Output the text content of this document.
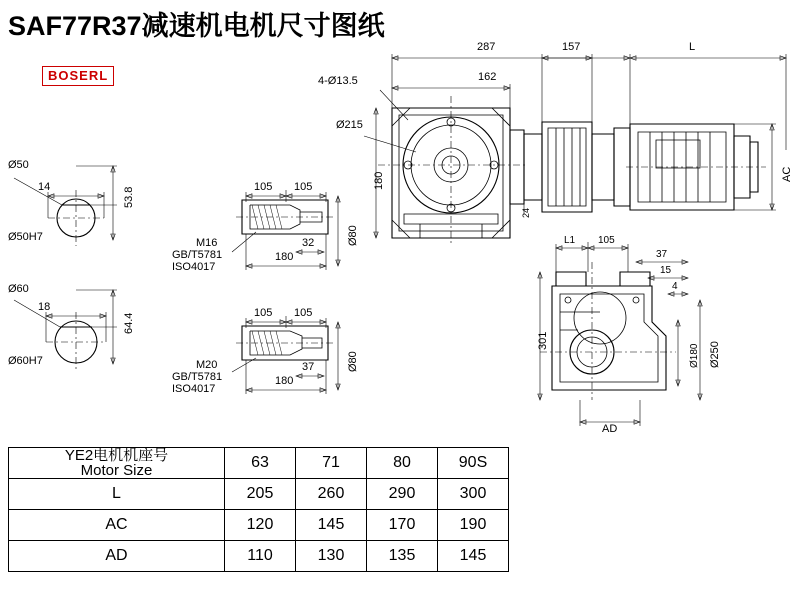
SAF77R37减速机电机尺寸图纸
BOSERL
Ø50
14	53.8
Ø50H7
Ø60
18
64.4
Ø60H7
105 105
32
180
Ø80
M16
GB/T5781
ISO4017
105 105
37
180
Ø80
M20
GB/T5781
ISO4017
287	157	L
162
4-Ø13.5
Ø215
180
24
AC
L1 105
37
15
4
301
Ø250
Ø180
AD
YE2电机机座号
Motor Size	63	71	80	90S
L	205	260	290	300
AC	120	145	170	190
AD	110	130	135	145
